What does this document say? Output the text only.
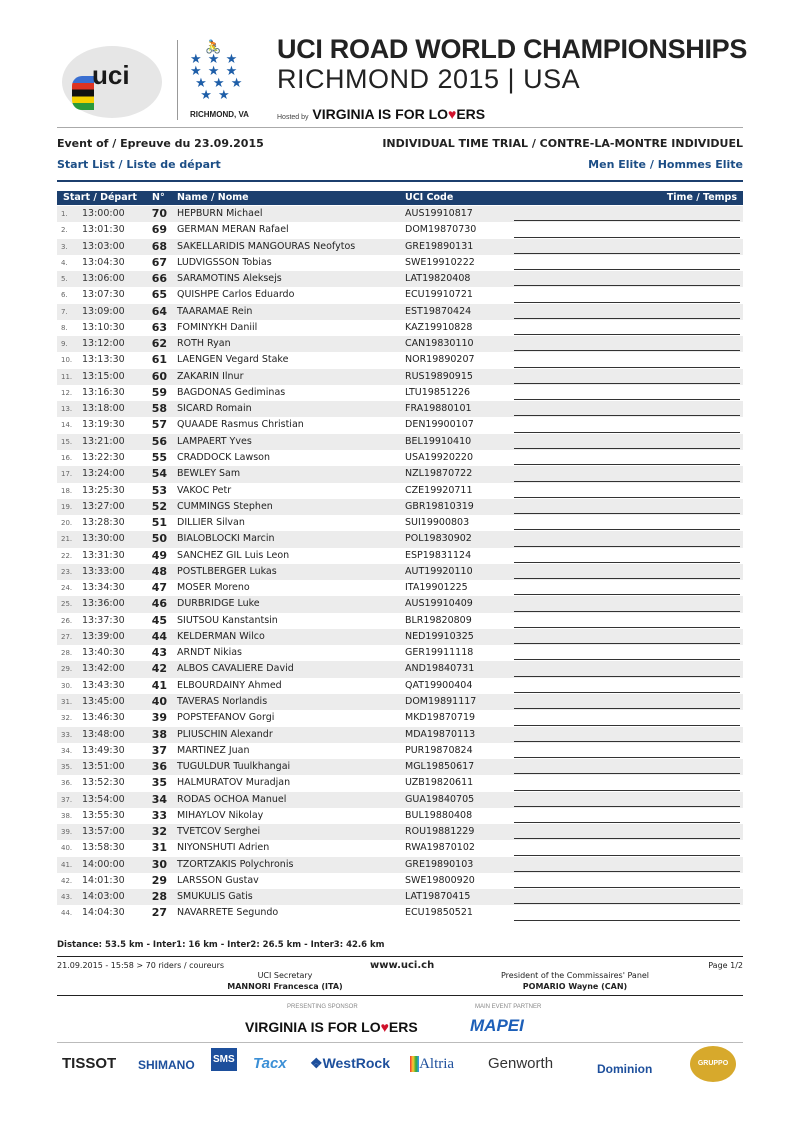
uci
🚴
★ ★ ★
★ ★ ★
★ ★ ★
★ ★
RICHMOND, VA
UCI ROAD WORLD CHAMPIONSHIPS
RICHMOND 2015 | USA
Hosted by VIRGINIA IS FOR LO♥ERS
Event of / Epreuve du 23.09.2015	INDIVIDUAL TIME TRIAL / CONTRE-LA-MONTRE INDIVIDUEL
Start List / Liste de départ	Men Elite / Hommes Elite
Start / Départ N° Name / Nome	UCI Code	Time / Temps
1. 13:00:00	70 HEPBURN Michael	AUS19910817
2. 13:01:30	69 GERMAN MERAN Rafael	DOM19870730
3. 13:03:00	68 SAKELLARIDIS MANGOURAS Neofytos	GRE19890131
4. 13:04:30	67 LUDVIGSSON Tobias	SWE19910222
5. 13:06:00	66 SARAMOTINS Aleksejs	LAT19820408
6. 13:07:30	65 QUISHPE Carlos Eduardo	ECU19910721
7. 13:09:00	64 TAARAMAE Rein	EST19870424
8. 13:10:30	63 FOMINYKH Daniil	KAZ19910828
9. 13:12:00	62 ROTH Ryan	CAN19830110
10. 13:13:30	61 LAENGEN Vegard Stake	NOR19890207
11. 13:15:00	60 ZAKARIN Ilnur	RUS19890915
12. 13:16:30	59 BAGDONAS Gediminas	LTU19851226
13. 13:18:00	58 SICARD Romain	FRA19880101
14. 13:19:30	57 QUAADE Rasmus Christian	DEN19900107
15. 13:21:00	56 LAMPAERT Yves	BEL19910410
16. 13:22:30	55 CRADDOCK Lawson	USA19920220
17. 13:24:00	54 BEWLEY Sam	NZL19870722
18. 13:25:30	53 VAKOC Petr	CZE19920711
19. 13:27:00	52 CUMMINGS Stephen	GBR19810319
20. 13:28:30	51 DILLIER Silvan	SUI19900803
21. 13:30:00	50 BIALOBLOCKI Marcin	POL19830902
22. 13:31:30	49 SANCHEZ GIL Luis Leon	ESP19831124
23. 13:33:00	48 POSTLBERGER Lukas	AUT19920110
24. 13:34:30	47 MOSER Moreno	ITA19901225
25. 13:36:00	46 DURBRIDGE Luke	AUS19910409
26. 13:37:30	45 SIUTSOU Kanstantsin	BLR19820809
27. 13:39:00	44 KELDERMAN Wilco	NED19910325
28. 13:40:30	43 ARNDT Nikias	GER19911118
29. 13:42:00	42 ALBOS CAVALIERE David	AND19840731
30. 13:43:30	41 ELBOURDAINY Ahmed	QAT19900404
31. 13:45:00	40 TAVERAS Norlandis	DOM19891117
32. 13:46:30	39 POPSTEFANOV Gorgi	MKD19870719
33. 13:48:00	38 PLIUSCHIN Alexandr	MDA19870113
34. 13:49:30	37 MARTINEZ Juan	PUR19870824
35. 13:51:00	36 TUGULDUR Tuulkhangai	MGL19850617
36. 13:52:30	35 HALMURATOV Muradjan	UZB19820611
37. 13:54:00	34 RODAS OCHOA Manuel	GUA19840705
38. 13:55:30	33 MIHAYLOV Nikolay	BUL19880408
39. 13:57:00	32 TVETCOV Serghei	ROU19881229
40. 13:58:30	31 NIYONSHUTI Adrien	RWA19870102
41. 14:00:00	30 TZORTZAKIS Polychronis	GRE19890103
42. 14:01:30	29 LARSSON Gustav	SWE19800920
43. 14:03:00	28 SMUKULIS Gatis	LAT19870415
44. 14:04:30	27 NAVARRETE Segundo	ECU19850521
Distance: 53.5 km - Inter1: 16 km - Inter2: 26.5 km - Inter3: 42.6 km
21.09.2015 - 15:58 > 70 riders / coureurs	www.uci.ch	Page 1/2
UCI Secretary
MANNORI Francesca (ITA)
President of the Commissaires' Panel
POMARIO Wayne (CAN)
PRESENTING SPONSOR	MAIN EVENT PARTNER
VIRGINIA IS FOR LO♥ERS	MAPEI
TISSOT SHIMANO SMS Tacx ❖WestRock	Altria Genworth	Dominion	GRUPPO
